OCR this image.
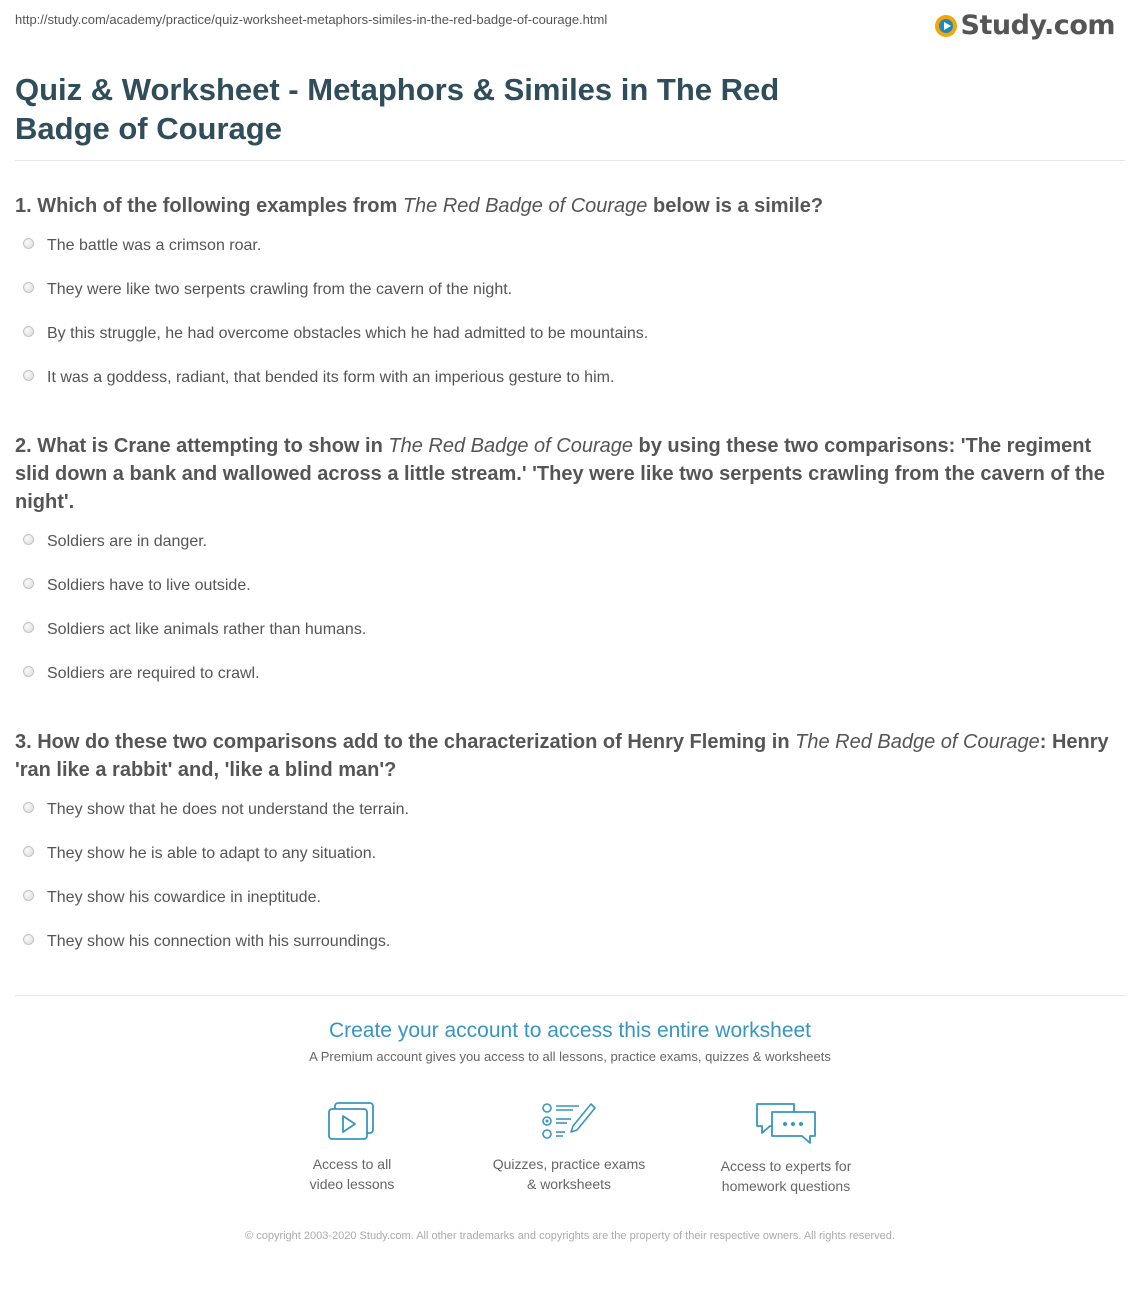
http://study.com/academy/practice/quiz-worksheet-metaphors-similes-in-the-red-badge-of-courage.html	Study.com
Quiz & Worksheet - Metaphors & Similes in The Red Badge of Courage
1. Which of the following examples from The Red Badge of Courage below is a simile?
The battle was a crimson roar.
They were like two serpents crawling from the cavern of the night.
By this struggle, he had overcome obstacles which he had admitted to be mountains.
It was a goddess, radiant, that bended its form with an imperious gesture to him.
2. What is Crane attempting to show in The Red Badge of Courage by using these two comparisons: 'The regiment slid down a bank and wallowed across a little stream.' 'They were like two serpents crawling from the cavern of the night'.
Soldiers are in danger.
Soldiers have to live outside.
Soldiers act like animals rather than humans.
Soldiers are required to crawl.
3. How do these two comparisons add to the characterization of Henry Fleming in The Red Badge of Courage: Henry 'ran like a rabbit' and, 'like a blind man'?
They show that he does not understand the terrain.
They show he is able to adapt to any situation.
They show his cowardice in ineptitude.
They show his connection with his surroundings.
Create your account to access this entire worksheet
A Premium account gives you access to all lessons, practice exams, quizzes & worksheets
Access to all
video lessons
Quizzes, practice exams
& worksheets
Access to experts for
homework questions
© copyright 2003-2020 Study.com. All other trademarks and copyrights are the property of their respective owners. All rights reserved.
